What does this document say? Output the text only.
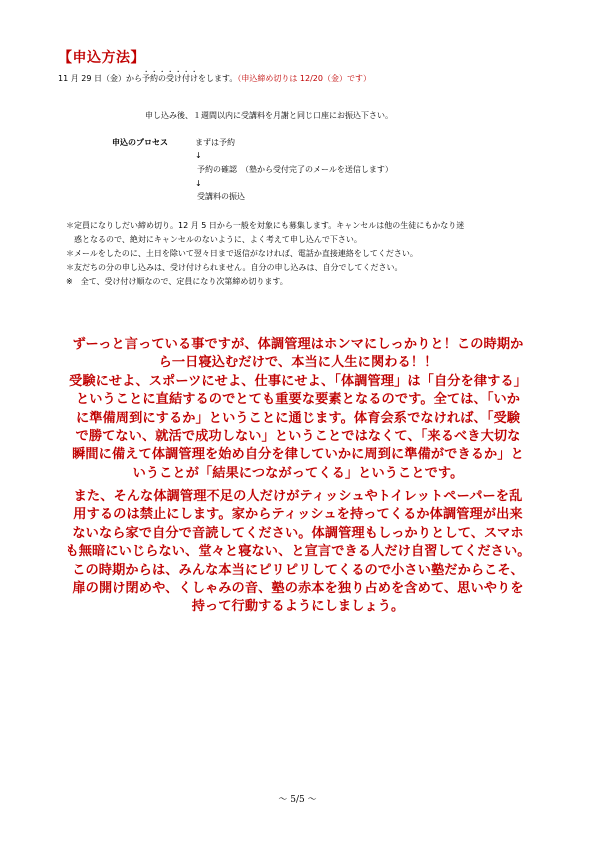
【申込方法】
11 月 29 日（金）から予約の受け付けをします。（申込締め切りは 12/20（金）です）
申し込み後、１週間以内に受講料を月謝と同じ口座にお振込下さい。
申込のプロセス	まずは予約
↓
予約の確認　（塾から受付完了のメールを送信します）
↓
受講料の振込
＊定員になりしだい締め切り。12 月 5 日から一般を対象にも募集します。キャンセルは他の生徒にもかなり迷
惑となるので、絶対にキャンセルのないように、よく考えて申し込んで下さい。
＊メールをしたのに、土日を除いて翌々日まで返信がなければ、電話か直接連絡をしてください。
＊友だちの分の申し込みは、受け付けられません。自分の申し込みは、自分でしてください。
※　全て、受け付け順なので、定員になり次第締め切ります。
ずーっと言っている事ですが、体調管理はホンマにしっかりと！この時期か
ら一日寝込むだけで、本当に人生に関わる！！
受験にせよ、スポーツにせよ、仕事にせよ、「体調管理」は「自分を律する」
ということに直結するのでとても重要な要素となるのです。全ては、「いか
に準備周到にするか」ということに通じます。体育会系でなければ、「受験
で勝てない、就活で成功しない」ということではなくて、「来るべき大切な
瞬間に備えて体調管理を始め自分を律していかに周到に準備ができるか」と
いうことが「結果につながってくる」ということです。
また、そんな体調管理不足の人だけがティッシュやトイレットペーパーを乱
用するのは禁止にします。家からティッシュを持ってくるか体調管理が出来
ないなら家で自分で音読してください。体調管理もしっかりとして、スマホ
も無暗にいじらない、堂々と寝ない、と宣言できる人だけ自習してください。
この時期からは、みんな本当にピリピリしてくるので小さい塾だからこそ、
扉の開け閉めや、くしゃみの音、塾の赤本を独り占めを含めて、思いやりを
持って行動するようにしましょう。
～ 5/5 ～
